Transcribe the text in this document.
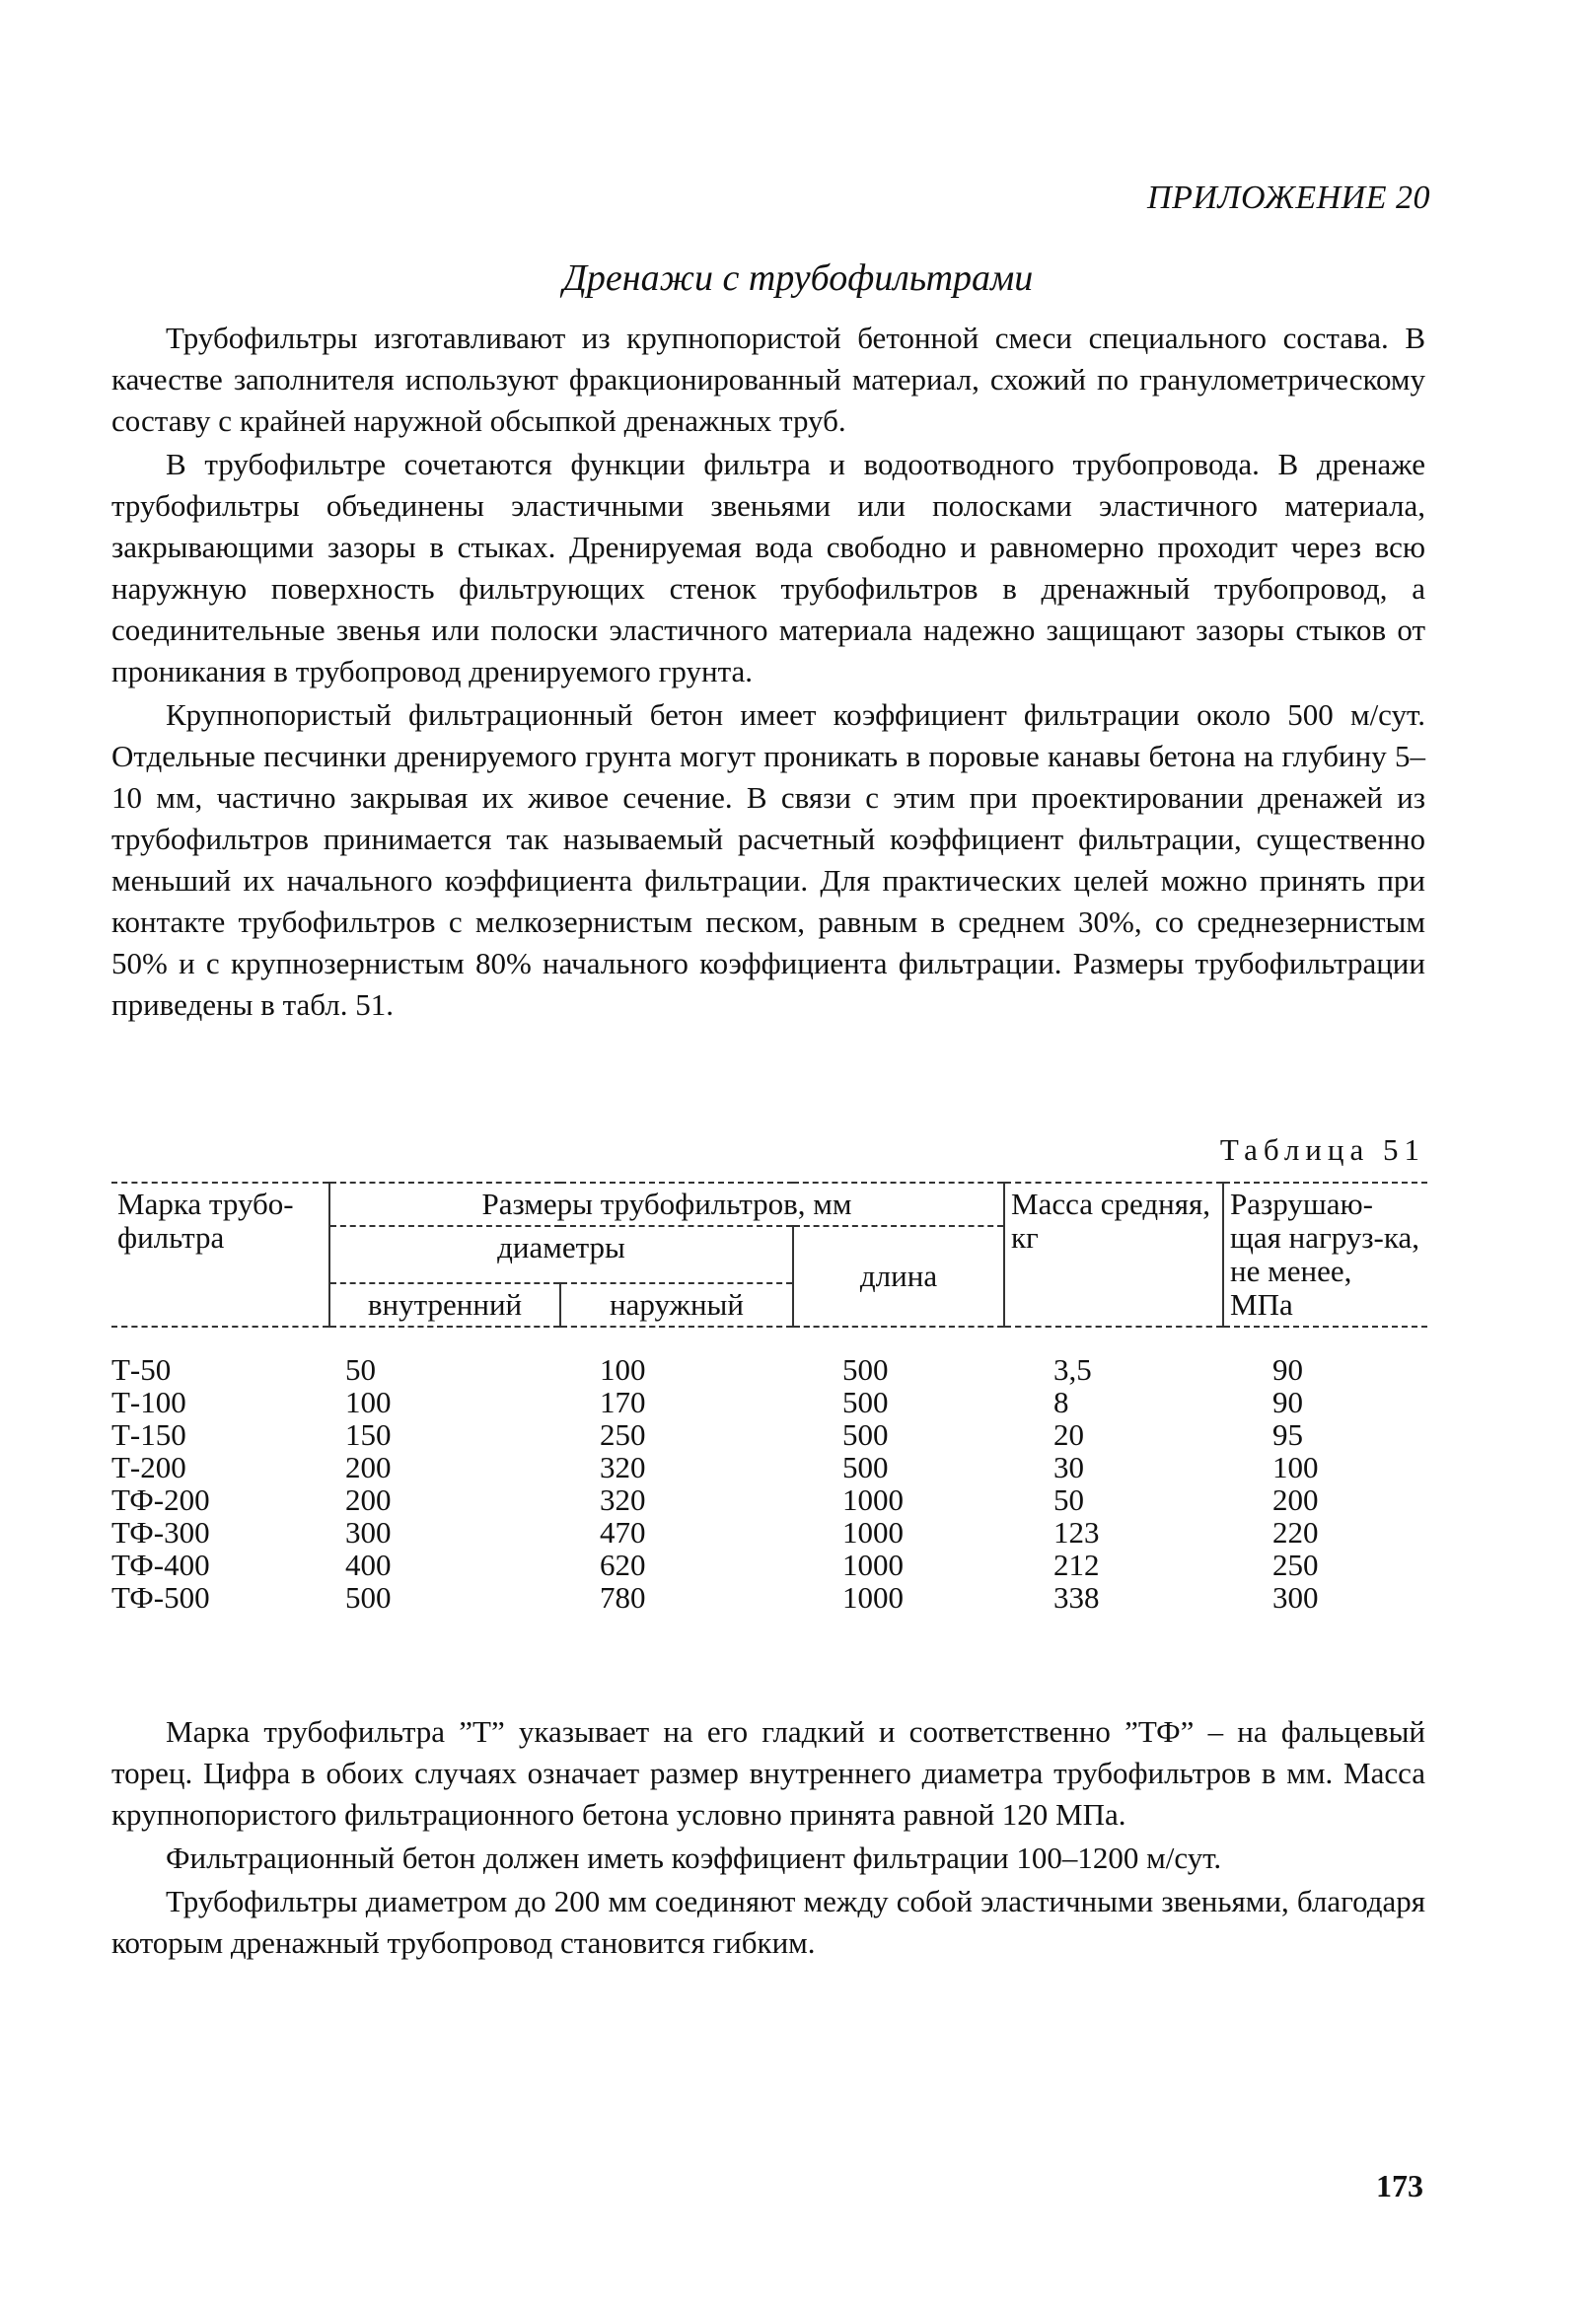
ПРИЛОЖЕНИЕ 20
Дренажи с трубофильтрами

Трубофильтры изготавливают из крупнопористой бетонной смеси специального состава. В качестве заполнителя используют фракционированный материал, схожий по гранулометрическому составу с крайней наружной обсыпкой дренажных труб.

В трубофильтре сочетаются функции фильтра и водоотводного трубопровода. В дренаже трубофильтры объединены эластичными звеньями или полосками эластичного материала, закрывающими зазоры в стыках. Дренируемая вода свободно и равномерно проходит через всю наружную поверхность фильтрующих стенок трубофильтров в дренажный трубопровод, а соединительные звенья или полоски эластичного материала надежно защищают зазоры стыков от проникания в трубопровод дренируемого грунта.

Крупнопористый фильтрационный бетон имеет коэффициент фильтрации около 500 м/сут. Отдельные песчинки дренируемого грунта могут проникать в поровые канавы бетона на глубину 5–10 мм, частично закрывая их живое сечение. В связи с этим при проектировании дренажей из трубофильтров принимается так называемый расчетный коэффициент фильтрации, существенно меньший их начального коэффициента фильтрации. Для практических целей можно принять при контакте трубофильтров с мелкозернистым песком, равным в среднем 30%, со среднезернистым 50% и с крупнозернистым 80% начального коэффициента фильтрации. Размеры трубофильтрации приведены в табл. 51.

Таблица 51
Марка трубо-фильтра	Размеры трубофильтров, мм			Масса средняя, кг	Разрушаю-щая нагруз-ка, не менее, МПа
	диаметры		длина		
	внутренний	наружный			
Т-50	50	100	500	3,5	90
Т-100	100	170	500	8	90
Т-150	150	250	500	20	95
Т-200	200	320	500	30	100
ТФ-200	200	320	1000	50	200
ТФ-300	300	470	1000	123	220
ТФ-400	400	620	1000	212	250
ТФ-500	500	780	1000	338	300

Марка трубофильтра ”Т” указывает на его гладкий и соответственно ”ТФ” – на фальцевый торец. Цифра в обоих случаях означает размер внутреннего диаметра трубофильтров в мм. Масса крупнопористого фильтрационного бетона условно принята равной 120 МПа.

Фильтрационный бетон должен иметь коэффициент фильтрации 100–1200 м/сут.

Трубофильтры диаметром до 200 мм соединяют между собой эластичными звеньями, благодаря которым дренажный трубопровод становится гибким.

173
